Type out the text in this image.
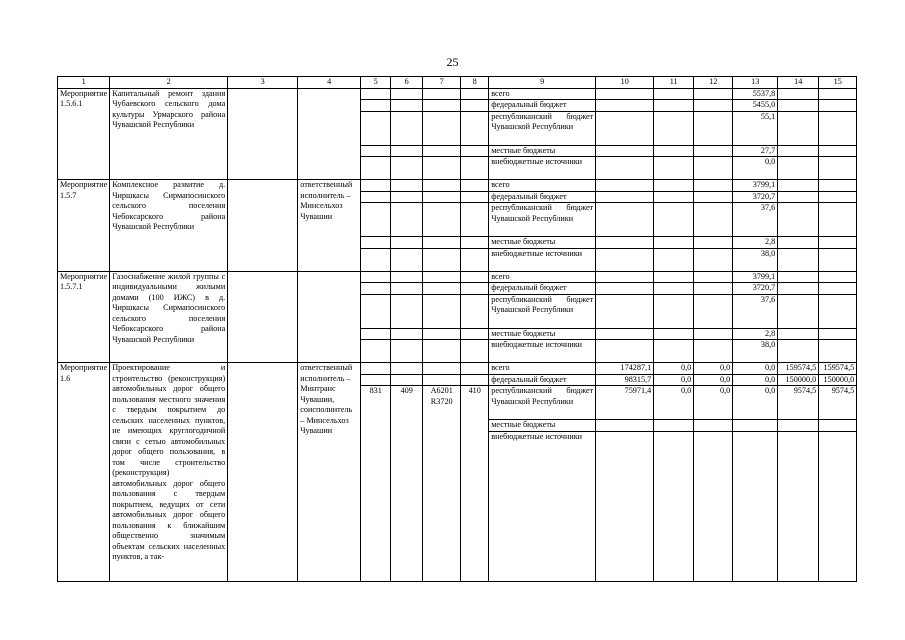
25
1	2	3	4	5	6	7	8	9	10	11	12	13	14	15
Мероприятие 1.5.6.1	Капитальный ремонт здания Чубаевского сельского дома культуры Урмарского района Чувашской Республики							всего				5537,8		
								федеральный бюджет				5455,0		
								республиканский бюджет Чувашской Республики				55,1		
								местные бюджеты				27,7		
								внебюджетные источники				0,0		
Мероприятие 1.5.7	Комплексное развитие д. Чиршкасы Сирмапосинского сельского поселения Чебоксарского района Чувашской Республики		ответственный исполнитель – Минсельхоз Чувашии					всего				3799,1		
								федеральный бюджет				3720,7		
								республиканский бюджет Чувашской Республики				37,6		
								местные бюджеты				2,8		
								внебюджетные источники				38,0		
Мероприятие 1.5.7.1	Газоснабжение жилой группы с индивидуальными жилыми домами (100 ИЖС) в д. Чиршкасы Сирмапосинского сельского поселения Чебоксарского района Чувашской Республики							всего				3799,1		
								федеральный бюджет				3720,7		
								республиканский бюджет Чувашской Республики				37,6		
								местные бюджеты				2,8		
								внебюджетные источники				38,0		
Мероприятие 1.6	Проектирование и строительство (реконструкция) автомобильных дорог общего пользования местного значения с твердым покрытием до сельских населенных пунктов, не имеющих круглогодичной связи с сетью автомобильных дорог общего пользования, в том числе строительство (реконструкция) автомобильных дорог общего пользования с твердым покрытием, ведущих от сети автомобильных дорог общего пользования к ближайшим общественно значимым объектам сельских населенных пунктов, а так-		ответственный исполнитель – Минтранс Чувашии, соисполнитель – Минсельхоз Чувашии					всего	174287,1	0,0	0,0	0,0	159574,5	159574,5
								федеральный бюджет	98315,7	0,0	0,0	0,0	150000,0	150000,0
				831	409	А6201 R3720	410	республиканский бюджет Чувашской Республики	75971,4	0,0	0,0	0,0	9574,5	9574,5
								местные бюджеты						
								внебюджетные источники						
